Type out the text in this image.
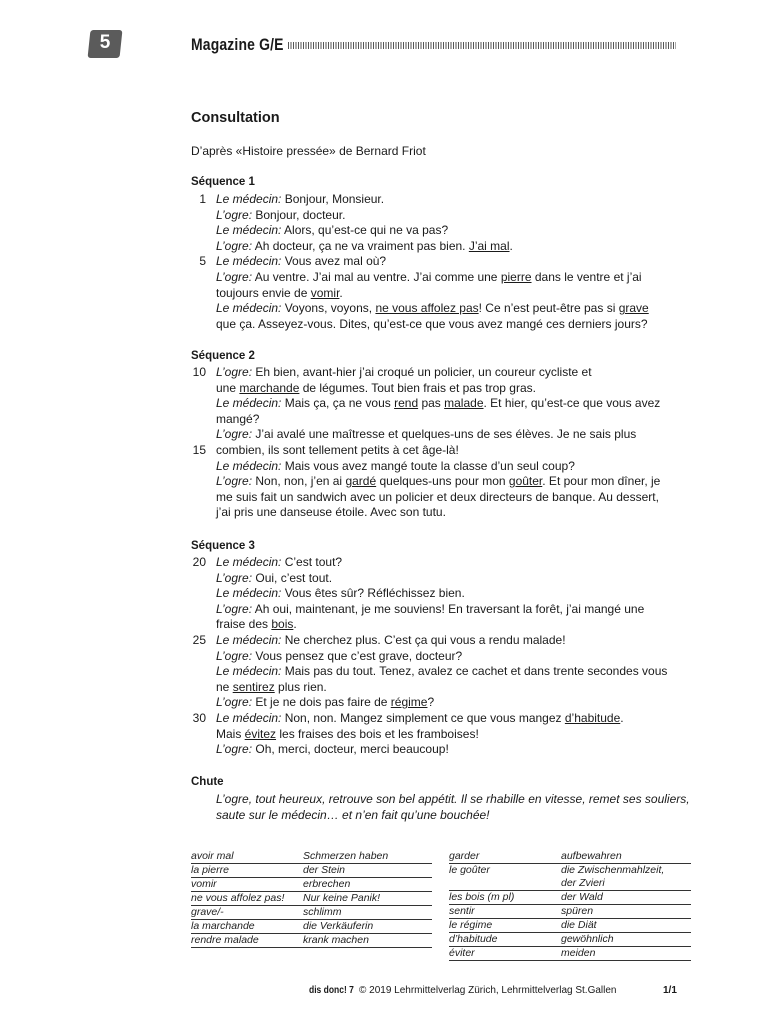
5	Magazine G/E
Consultation
D’après «Histoire pressée» de Bernard Friot
Séquence 1
Séquence 2
Séquence 3
Le médecin: Bonjour, Monsieur.
L’ogre: Bonjour, docteur.
Le médecin: Alors, qu’est-ce qui ne va pas?
L’ogre: Ah docteur, ça ne va vraiment pas bien. J’ai mal.
Le médecin: Vous avez mal où?
L’ogre: Au ventre. J’ai mal au ventre. J’ai comme une pierre dans le ventre et j’ai
toujours envie de vomir.
Le médecin: Voyons, voyons, ne vous affolez pas! Ce n’est peut-être pas si grave
que ça. Asseyez-vous. Dites, qu’est-ce que vous avez mangé ces derniers jours?
L’ogre: Eh bien, avant-hier j’ai croqué un policier, un coureur cycliste et
une marchande de légumes. Tout bien frais et pas trop gras.
Le médecin: Mais ça, ça ne vous rend pas malade. Et hier, qu’est-ce que vous avez
mangé?
L’ogre: J’ai avalé une maîtresse et quelques-uns de ses élèves. Je ne sais plus
combien, ils sont tellement petits à cet âge-là!
Le médecin: Mais vous avez mangé toute la classe d’un seul coup?
L’ogre: Non, non, j’en ai gardé quelques-uns pour mon goûter. Et pour mon dîner, je
me suis fait un sandwich avec un policier et deux directeurs de banque. Au dessert,
j’ai pris une danseuse étoile. Avec son tutu.
Le médecin: C’est tout?
L’ogre: Oui, c’est tout.
Le médecin: Vous êtes sûr? Réfléchissez bien.
L’ogre: Ah oui, maintenant, je me souviens! En traversant la forêt, j’ai mangé une
fraise des bois.
Le médecin: Ne cherchez plus. C’est ça qui vous a rendu malade!
L’ogre: Vous pensez que c’est grave, docteur?
Le médecin: Mais pas du tout. Tenez, avalez ce cachet et dans trente secondes vous
ne sentirez plus rien.
L’ogre: Et je ne dois pas faire de régime?
Le médecin: Non, non. Mangez simplement ce que vous mangez d’habitude.
Mais évitez les fraises des bois et les framboises!
L’ogre: Oh, merci, docteur, merci beaucoup!
1
5
10
15
20
25
30
Chute
L’ogre, tout heureux, retrouve son bel appétit. Il se rhabille en vitesse, remet ses souliers,
saute sur le médecin… et n’en fait qu’une bouchée!
avoir mal	Schmerzen haben
la pierre	der Stein
vomir	erbrechen
ne vous affolez pas! Nur keine Panik!
grave/-	schlimm
la marchande	die Verkäuferin
rendre malade	krank machen
garder	aufbewahren
le goûter	die Zwischenmahlzeit,
der Zvieri
les bois (m pl)	der Wald
sentir	spüren
le régime	die Diät
d’habitude	gewöhnlich
éviter	meiden
dis donc! 7 © 2019 Lehrmittelverlag Zürich, Lehrmittelverlag St.Gallen	1/1
